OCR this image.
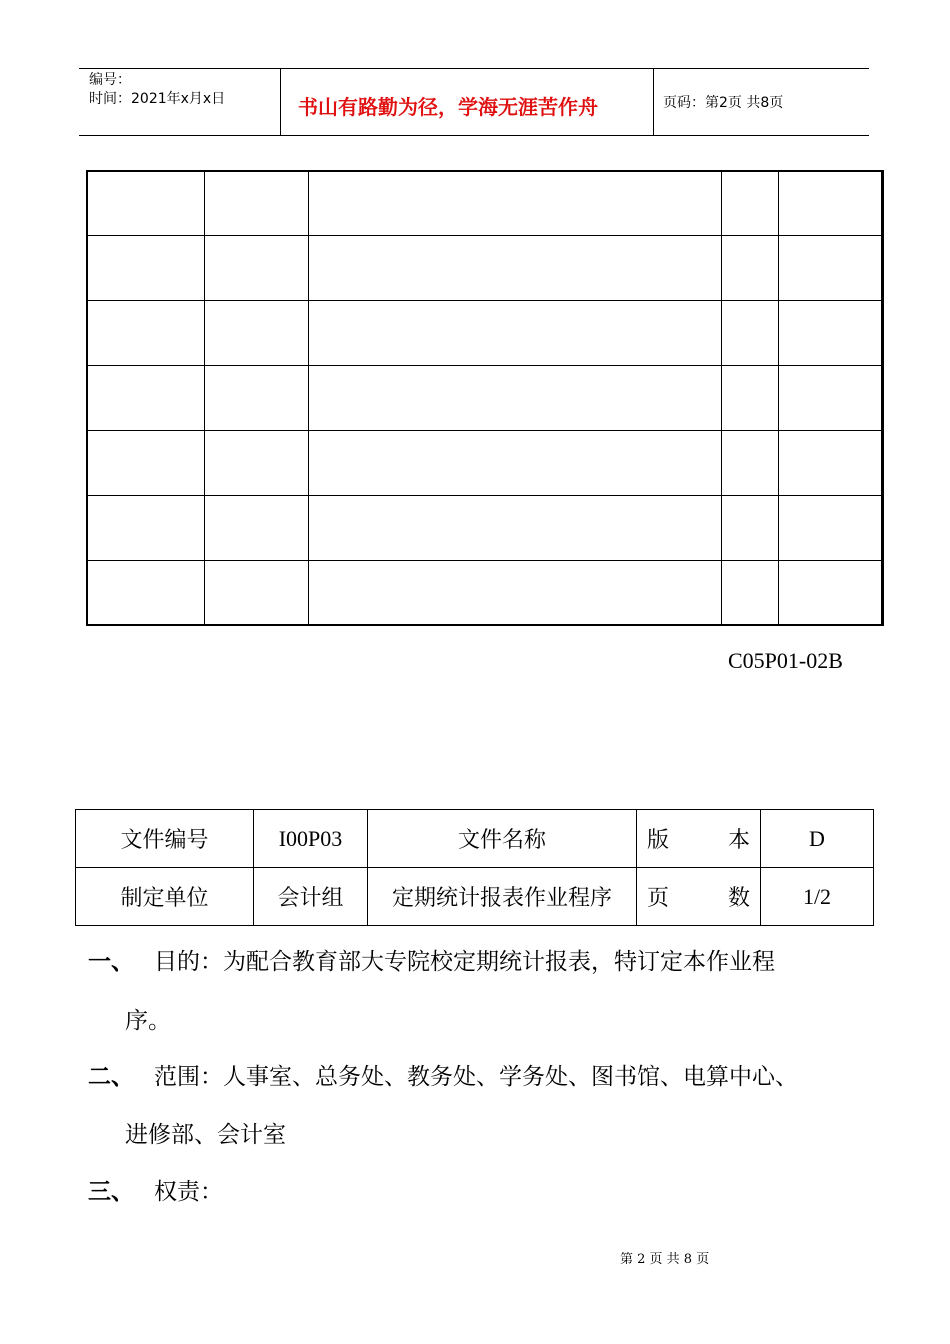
编号：
时间：2021年x月x日	书山有路勤为径，学海无涯苦作舟	页码：第2页 共8页

C05P01-02B
文件编号	I00P03	文件名称	版　　本	D
制定单位	会计组	定期统计报表作业程序	页　　数	1/2
一、 目的：为配合教育部大专院校定期统计报表，特订定本作业程
序。
二、 范围：人事室、总务处、教务处、学务处、图书馆、电算中心、
进修部、会计室
三、 权责：
第 2 页 共 8 页
